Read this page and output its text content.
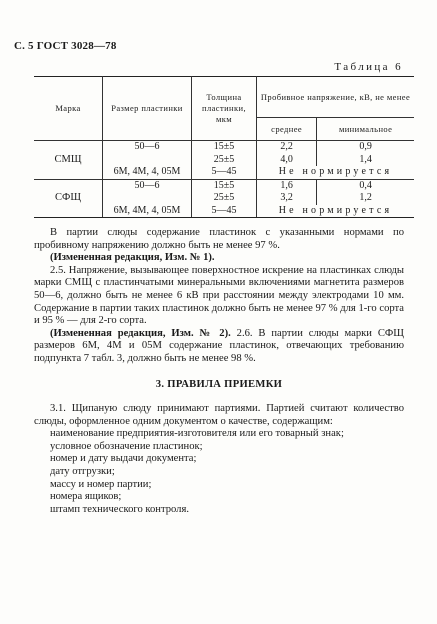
С. 5 ГОСТ 3028—78
Таблица 6
Марка	Размер пластинки	Толщина пластинки, мкм	Пробивное напряжение, кВ, не менее	
			среднее	минимальное
	50—6	15±5	2,2	0,9
СМЩ		25±5	4,0	1,4
	6М, 4М, 4, 05М	5—45	Не нормируется	
	50—6	15±5	1,6	0,4
СФЩ		25±5	3,2	1,2
	6М, 4М, 4, 05М	5—45	Не нормируется	

В партии слюды содержание пластинок с указанными нормами по пробивному напряжению должно быть не менее 97 %.

(Измененная редакция, Изм. № 1).

2.5. Напряжение, вызывающее поверхностное искрение на пластинках слюды марки СМЩ с пластинчатыми минеральными включениями магнетита размеров 50—6, должно быть не менее 6 кВ при расстоянии между электродами 10 мм. Содержание в партии таких пластинок должно быть не менее 97 % для 1-го сорта и 95 % — для 2-го сорта.

(Измененная редакция, Изм. № 2). 2.6. В партии слюды марки СФЩ размеров 6М, 4М и 05М содержание пластинок, отвечающих требованию подпункта 7 табл. 3, должно быть не менее 98 %.

3. ПРАВИЛА ПРИЕМКИ

3.1. Щипаную слюду принимают партиями. Партией считают количество слюды, оформленное одним документом о качестве, содержащим:

наименование предприятия-изготовителя или его товарный знак;

условное обозначение пластинок;

номер и дату выдачи документа;

дату отгрузки;

массу и номер партии;

номера ящиков;

штамп технического контроля.
